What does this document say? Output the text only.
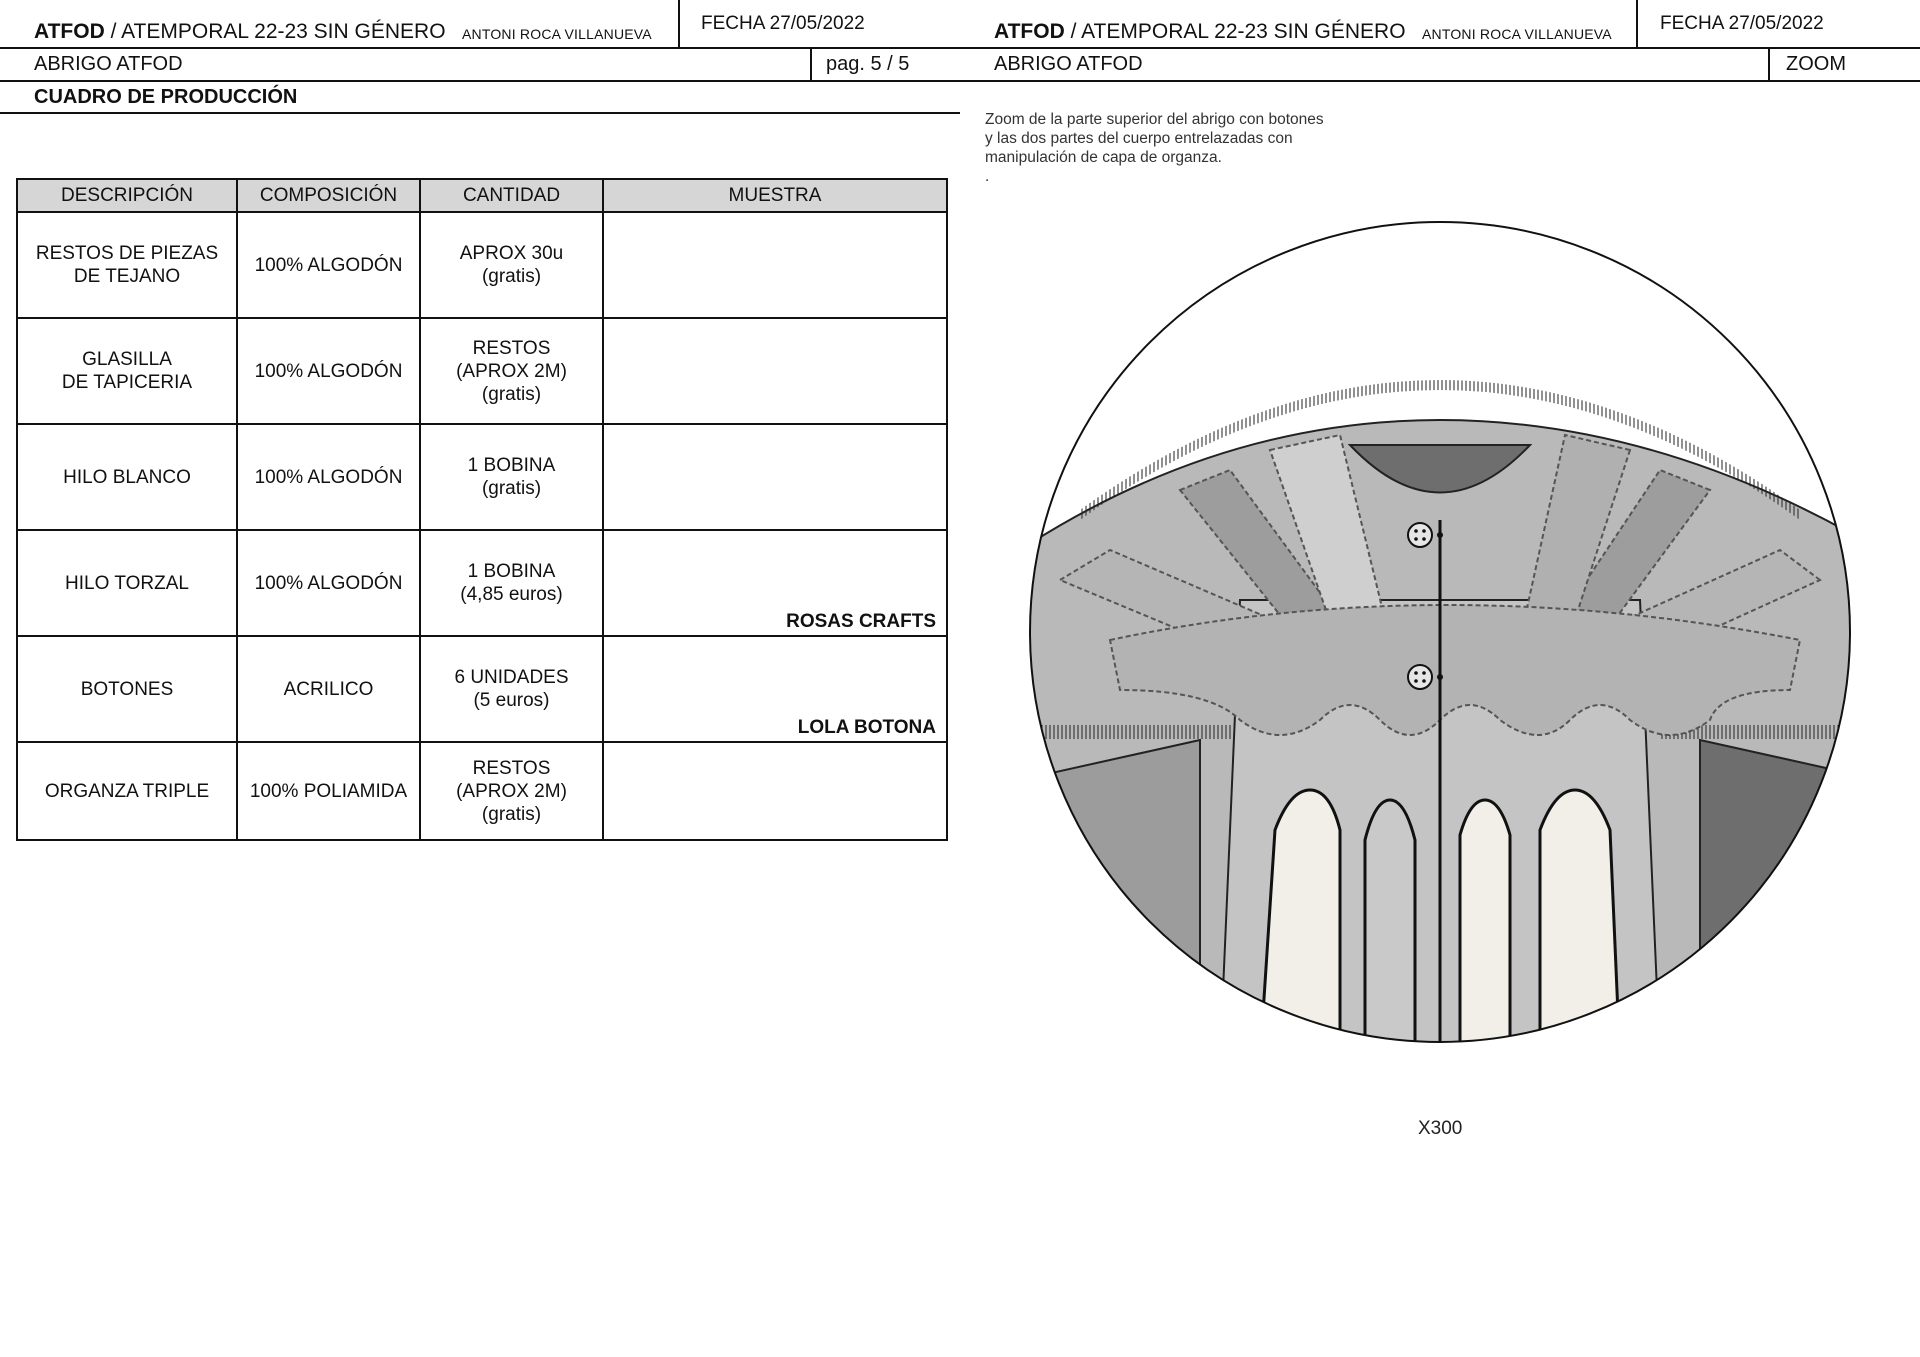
ATFOD / ATEMPORAL 22-23 SIN GÉNERO ANTONI ROCA VILLANUEVA	FECHA 27/05/2022
ABRIGO ATFOD	pag. 5 / 5
CUADRO DE PRODUCCIÓN
DESCRIPCIÓN	COMPOSICIÓN	CANTIDAD	MUESTRA
RESTOS DE PIEZAS
DE TEJANO	100% ALGODÓN	APROX 30u
(gratis)	

GLASILLA
DE TAPICERIA	100% ALGODÓN	RESTOS
(APROX 2M)
(gratis)	

HILO BLANCO	100% ALGODÓN	1 BOBINA
(gratis)	

HILO TORZAL	100% ALGODÓN	1 BOBINA
(4,85 euros)	ROSAS CRAFTS

BOTONES	ACRILICO	6 UNIDADES
(5 euros)	LOLA BOTONA

ORGANZA TRIPLE	100% POLIAMIDA	RESTOS
(APROX 2M)
(gratis)	
ATFOD / ATEMPORAL 22-23 SIN GÉNERO ANTONI ROCA VILLANUEVA	FECHA 27/05/2022
ABRIGO ATFOD	ZOOM
Zoom de la parte superior del abrigo con botones
y las dos partes del cuerpo entrelazadas con
manipulación de capa de organza.
.
X300
